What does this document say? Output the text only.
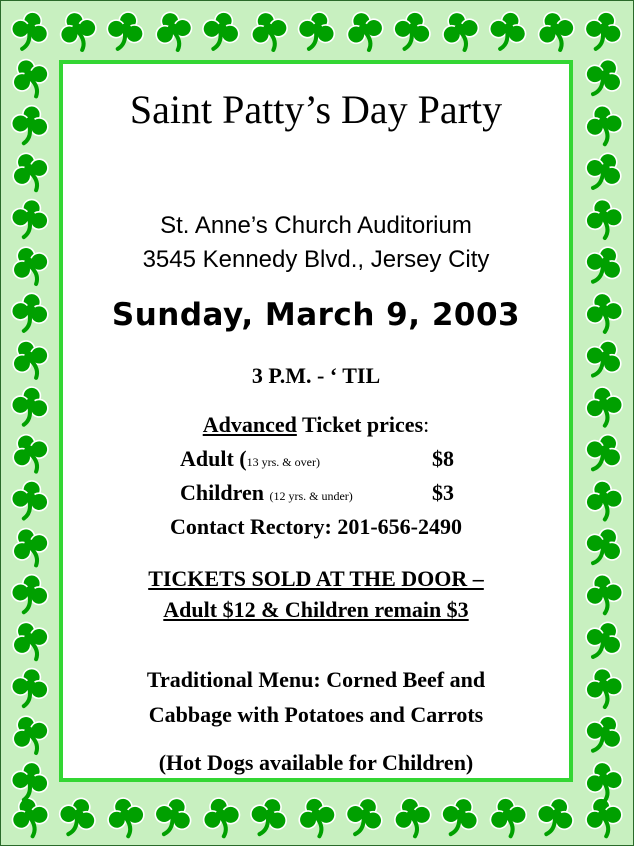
Saint Patty’s Day Party
St. Anne’s Church Auditorium
3545 Kennedy Blvd., Jersey City
Sunday, March 9, 2003
3 P.M. - ‘ TIL
Advanced Ticket prices:
Adult (13 yrs. & over)	$8
Children (12 yrs. & under)	$3
Contact Rectory: 201-656-2490
TICKETS SOLD AT THE DOOR –
Adult $12 & Children remain $3
Traditional Menu: Corned Beef and
Cabbage with Potatoes and Carrots
(Hot Dogs available for Children)
